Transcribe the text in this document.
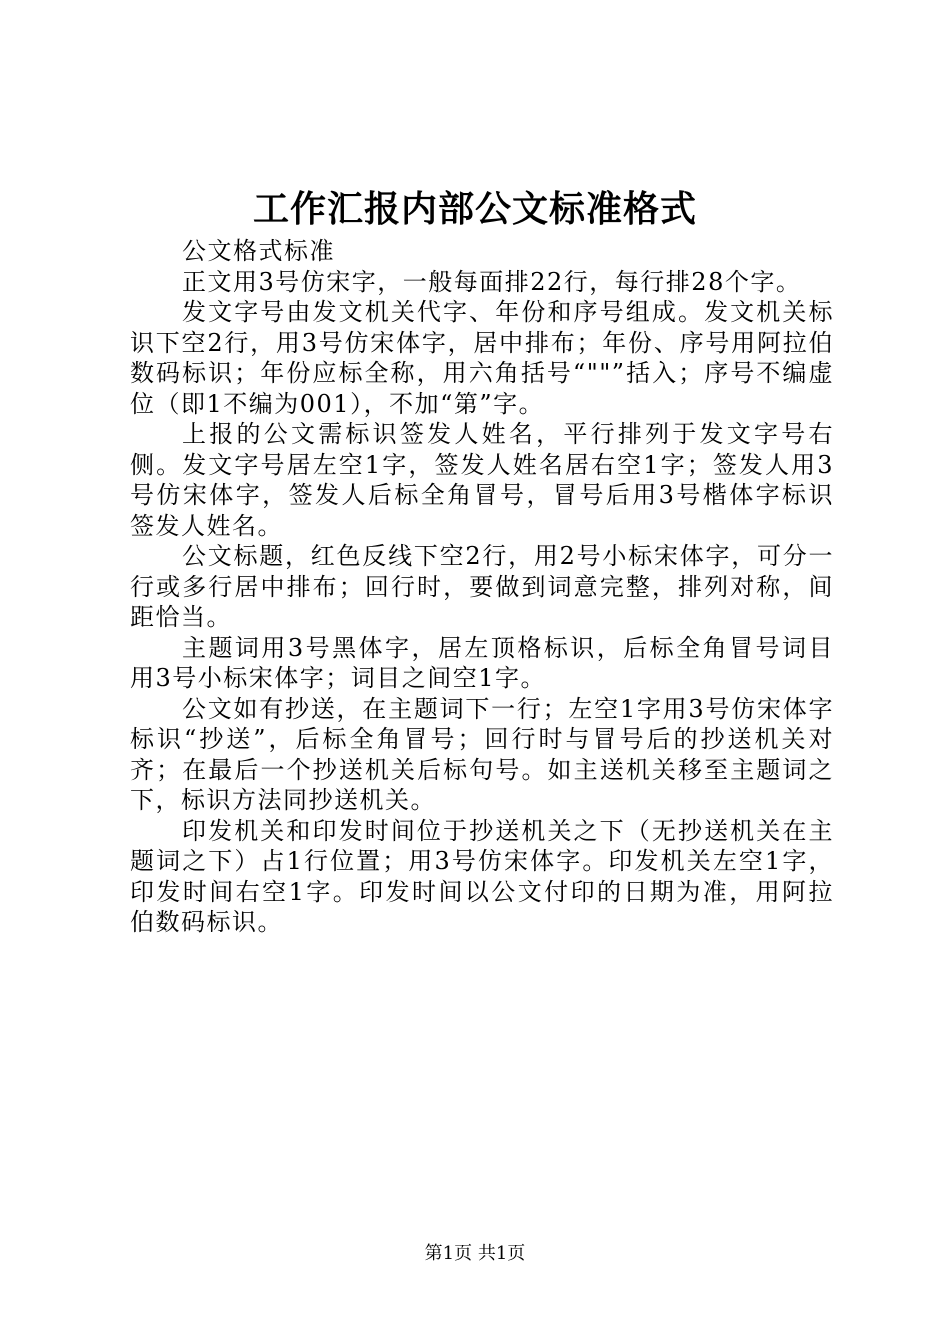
工作汇报内部公文标准格式

公文格式标准

正文用3号仿宋字，一般每面排22行，每行排28个字。

发文字号由发文机关代字、年份和序号组成。发文机关标识下空2行，用3号仿宋体字，居中排布；年份、序号用阿拉伯数码标识；年份应标全称，用六角括号“""”括入；序号不编虚位（即1不编为001），不加“第”字。

上报的公文需标识签发人姓名，平行排列于发文字号右侧。发文字号居左空1字，签发人姓名居右空1字；签发人用3号仿宋体字，签发人后标全角冒号，冒号后用3号楷体字标识签发人姓名。

公文标题，红色反线下空2行，用2号小标宋体字，可分一行或多行居中排布；回行时，要做到词意完整，排列对称，间距恰当。

主题词用3号黑体字，居左顶格标识，后标全角冒号词目用3号小标宋体字；词目之间空1字。

公文如有抄送，在主题词下一行；左空1字用3号仿宋体字标识“抄送”，后标全角冒号；回行时与冒号后的抄送机关对齐；在最后一个抄送机关后标句号。如主送机关移至主题词之下，标识方法同抄送机关。

印发机关和印发时间位于抄送机关之下（无抄送机关在主题词之下）占1行位置；用3号仿宋体字。印发机关左空1字，印发时间右空1字。印发时间以公文付印的日期为准，用阿拉伯数码标识。

第1页 共1页
